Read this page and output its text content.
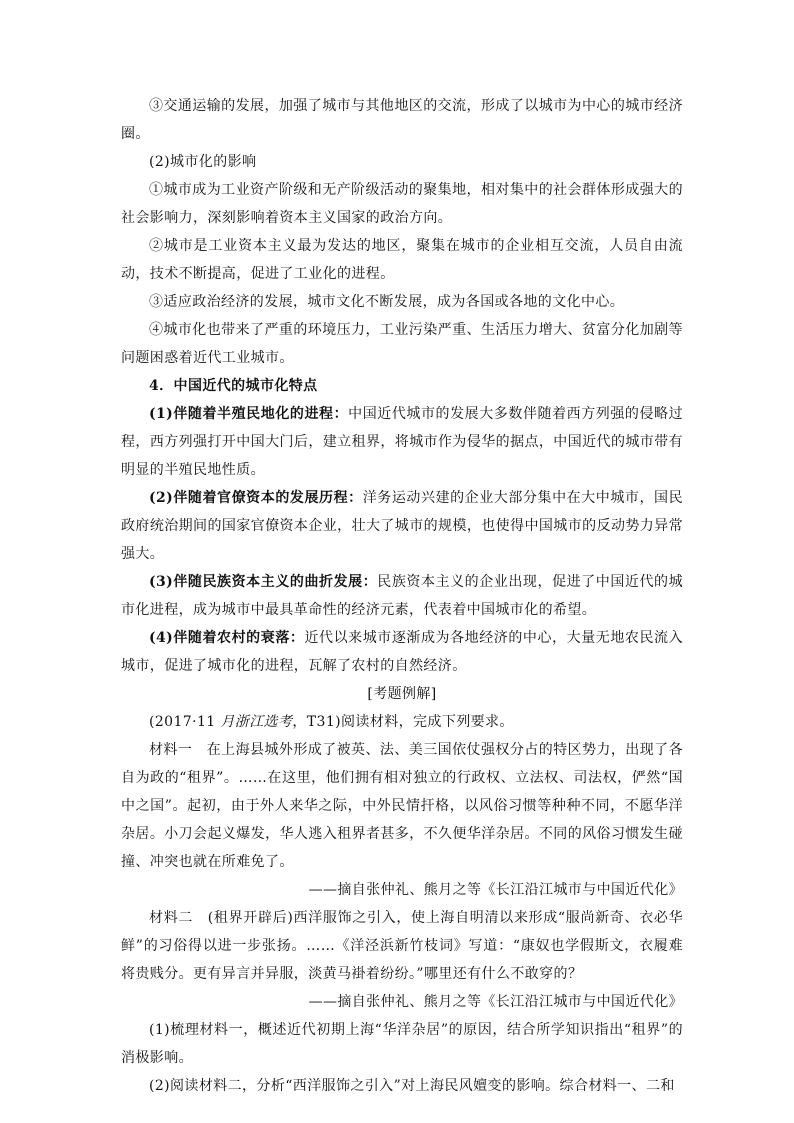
③交通运输的发展，加强了城市与其他地区的交流，形成了以城市为中心的城市经济圈。

(2)城市化的影响

①城市成为工业资产阶级和无产阶级活动的聚集地，相对集中的社会群体形成强大的社会影响力，深刻影响着资本主义国家的政治方向。

②城市是工业资本主义最为发达的地区，聚集在城市的企业相互交流，人员自由流动，技术不断提高，促进了工业化的进程。

③适应政治经济的发展，城市文化不断发展，成为各国或各地的文化中心。

④城市化也带来了严重的环境压力，工业污染严重、生活压力增大、贫富分化加剧等问题困惑着近代工业城市。

4．中国近代的城市化特点

(1)伴随着半殖民地化的进程：中国近代城市的发展大多数伴随着西方列强的侵略过程，西方列强打开中国大门后，建立租界，将城市作为侵华的据点，中国近代的城市带有明显的半殖民地性质。

(2)伴随着官僚资本的发展历程：洋务运动兴建的企业大部分集中在大中城市，国民政府统治期间的国家官僚资本企业，壮大了城市的规模，也使得中国城市的反动势力异常强大。

(3)伴随民族资本主义的曲折发展：民族资本主义的企业出现，促进了中国近代的城市化进程，成为城市中最具革命性的经济元素，代表着中国城市化的希望。

(4)伴随着农村的衰落：近代以来城市逐渐成为各地经济的中心，大量无地农民流入城市，促进了城市化的进程，瓦解了农村的自然经济。

[考题例解]

(2017·11 月浙江选考，T31)阅读材料，完成下列要求。

材料一　在上海县城外形成了被英、法、美三国依仗强权分占的特区势力，出现了各自为政的“租界”。……在这里，他们拥有相对独立的行政权、立法权、司法权，俨然“国中之国”。起初，由于外人来华之际，中外民情扞格，以风俗习惯等种种不同，不愿华洋杂居。小刀会起义爆发，华人逃入租界者甚多，不久便华洋杂居。不同的风俗习惯发生碰撞、冲突也就在所难免了。

——摘自张仲礼、熊月之等《长江沿江城市与中国近代化》

材料二　(租界开辟后)西洋服饰之引入，使上海自明清以来形成“服尚新奇、衣必华鲜”的习俗得以进一步张扬。……《洋泾浜新竹枝词》写道：“康奴也学假斯文，衣履难将贵贱分。更有异言并异服，淡黄马褂着纷纷。”哪里还有什么不敢穿的？

——摘自张仲礼、熊月之等《长江沿江城市与中国近代化》

(1)梳理材料一，概述近代初期上海“华洋杂居”的原因，结合所学知识指出“租界”的消极影响。

(2)阅读材料二，分析“西洋服饰之引入”对上海民风嬗变的影响。综合材料一、二和
